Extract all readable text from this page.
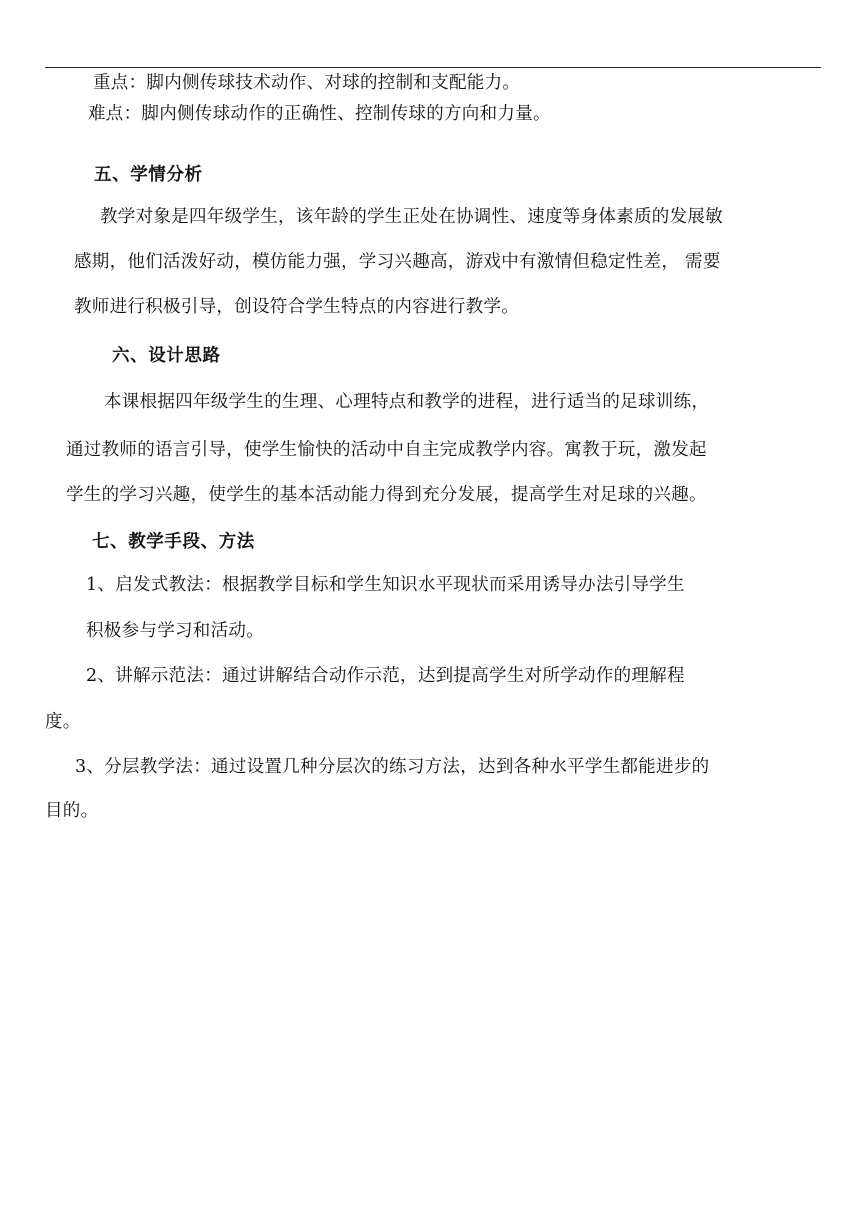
重点：脚内侧传球技术动作、对球的控制和支配能力。
难点：脚内侧传球动作的正确性、控制传球的方向和力量。
五、学情分析
教学对象是四年级学生，该年龄的学生正处在协调性、速度等身体素质的发展敏
感期，他们活泼好动，模仿能力强，学习兴趣高，游戏中有激情但稳定性差， 需要
教师进行积极引导，创设符合学生特点的内容进行教学。
六、设计思路
本课根据四年级学生的生理、心理特点和教学的进程，进行适当的足球训练，
通过教师的语言引导，使学生愉快的活动中自主完成教学内容。寓教于玩，激发起
学生的学习兴趣，使学生的基本活动能力得到充分发展，提高学生对足球的兴趣。
七、教学手段、方法
1、启发式教法：根据教学目标和学生知识水平现状而采用诱导办法引导学生
积极参与学习和活动。
2、讲解示范法：通过讲解结合动作示范，达到提高学生对所学动作的理解程
度。
3、分层教学法：通过设置几种分层次的练习方法，达到各种水平学生都能进步的
目的。
